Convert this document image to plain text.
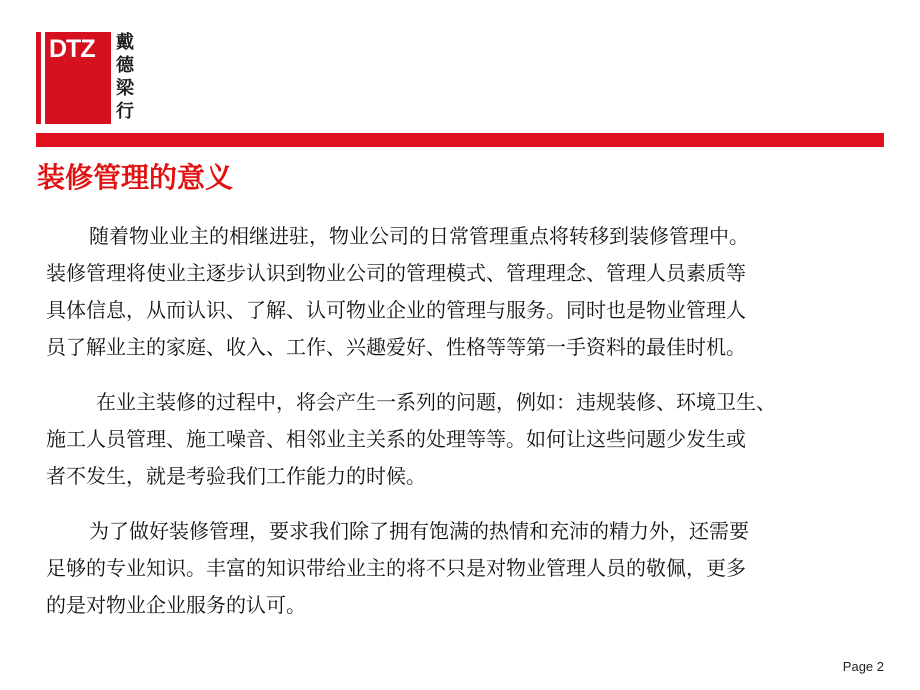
DTZ 戴
德
梁
行
装修管理的意义
随着物业业主的相继进驻，物业公司的日常管理重点将转移到装修管理中。
装修管理将使业主逐步认识到物业公司的管理模式、管理理念、管理人员素质等
具体信息，从而认识、了解、认可物业企业的管理与服务。同时也是物业管理人
员了解业主的家庭、收入、工作、兴趣爱好、性格等等第一手资料的最佳时机。
在业主装修的过程中，将会产生一系列的问题，例如：违规装修、环境卫生、
施工人员管理、施工噪音、相邻业主关系的处理等等。如何让这些问题少发生或
者不发生，就是考验我们工作能力的时候。
为了做好装修管理，要求我们除了拥有饱满的热情和充沛的精力外，还需要
足够的专业知识。丰富的知识带给业主的将不只是对物业管理人员的敬佩，更多
的是对物业企业服务的认可。
Page 2
